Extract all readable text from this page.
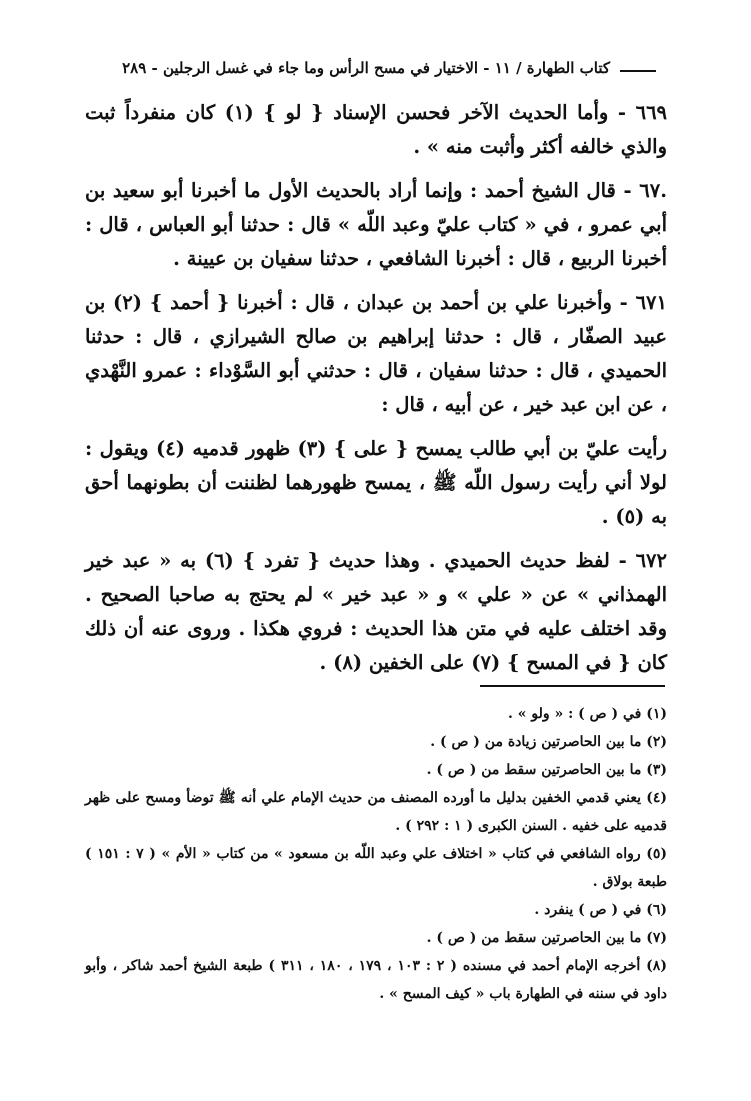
كتاب الطهارة / ١١ - الاختيار في مسح الرأس وما جاء في غسل الرجلين - ٢٨٩

٦٦٩ - وأما الحديث الآخر فحسن الإسناد { لو } (١) كان منفرداً ثبت والذي خالفه أكثر وأثبت منه » .

.٦٧ - قال الشيخ أحمد : وإنما أراد بالحديث الأول ما أخبرنا أبو سعيد بن أبي عمرو ، في « كتاب عليّ وعبد اللّه » قال : حدثنا أبو العباس ، قال : أخبرنا الربيع ، قال : أخبرنا الشافعي ، حدثنا سفيان بن عيينة .

٦٧١ - وأخبرنا علي بن أحمد بن عبدان ، قال : أخبرنا { أحمد } (٢) بن عبيد الصفّار ، قال : حدثنا إبراهيم بن صالح الشيرازي ، قال : حدثنا الحميدي ، قال : حدثنا سفيان ، قال : حدثني أبو السَّوْداء : عمرو النَّهْدي ، عن ابن عبد خير ، عن أبيه ، قال :

رأيت عليّ بن أبي طالب يمسح { على } (٣) ظهور قدميه (٤) ويقول : لولا أني رأيت رسول اللّه ﷺ ، يمسح ظهورهما لظننت أن بطونهما أحق به (٥) .

٦٧٢ - لفظ حديث الحميدي . وهذا حديث { تفرد } (٦) به « عبد خير الهمذاني » عن « علي » و « عبد خير » لم يحتج به صاحبا الصحيح . وقد اختلف عليه في متن هذا الحديث : فروي هكذا . وروى عنه أن ذلك كان { في المسح } (٧) على الخفين (٨) .

(١) في ( ص ) : « ولو » .

(٢) ما بين الحاصرتين زيادة من ( ص ) .

(٣) ما بين الحاصرتين سقط من ( ص ) .

(٤) يعني قدمي الخفين بدليل ما أورده المصنف من حديث الإمام علي أنه ﷺ توضأ ومسح على ظهر قدميه على خفيه . السنن الكبرى ( ١ : ٢٩٢ ) .

(٥) رواه الشافعي في كتاب « اختلاف علي وعبد اللّه بن مسعود » من كتاب « الأم » ( ٧ : ١٥١ ) طبعة بولاق .

(٦) في ( ص ) ينفرد .

(٧) ما بين الحاصرتين سقط من ( ص ) .

(٨) أخرجه الإمام أحمد في مسنده ( ٢ : ١٠٣ ، ١٧٩ ، ١٨٠ ، ٣١١ ) طبعة الشيخ أحمد شاكر ، وأبو داود في سننه في الطهارة باب « كيف المسح » .
